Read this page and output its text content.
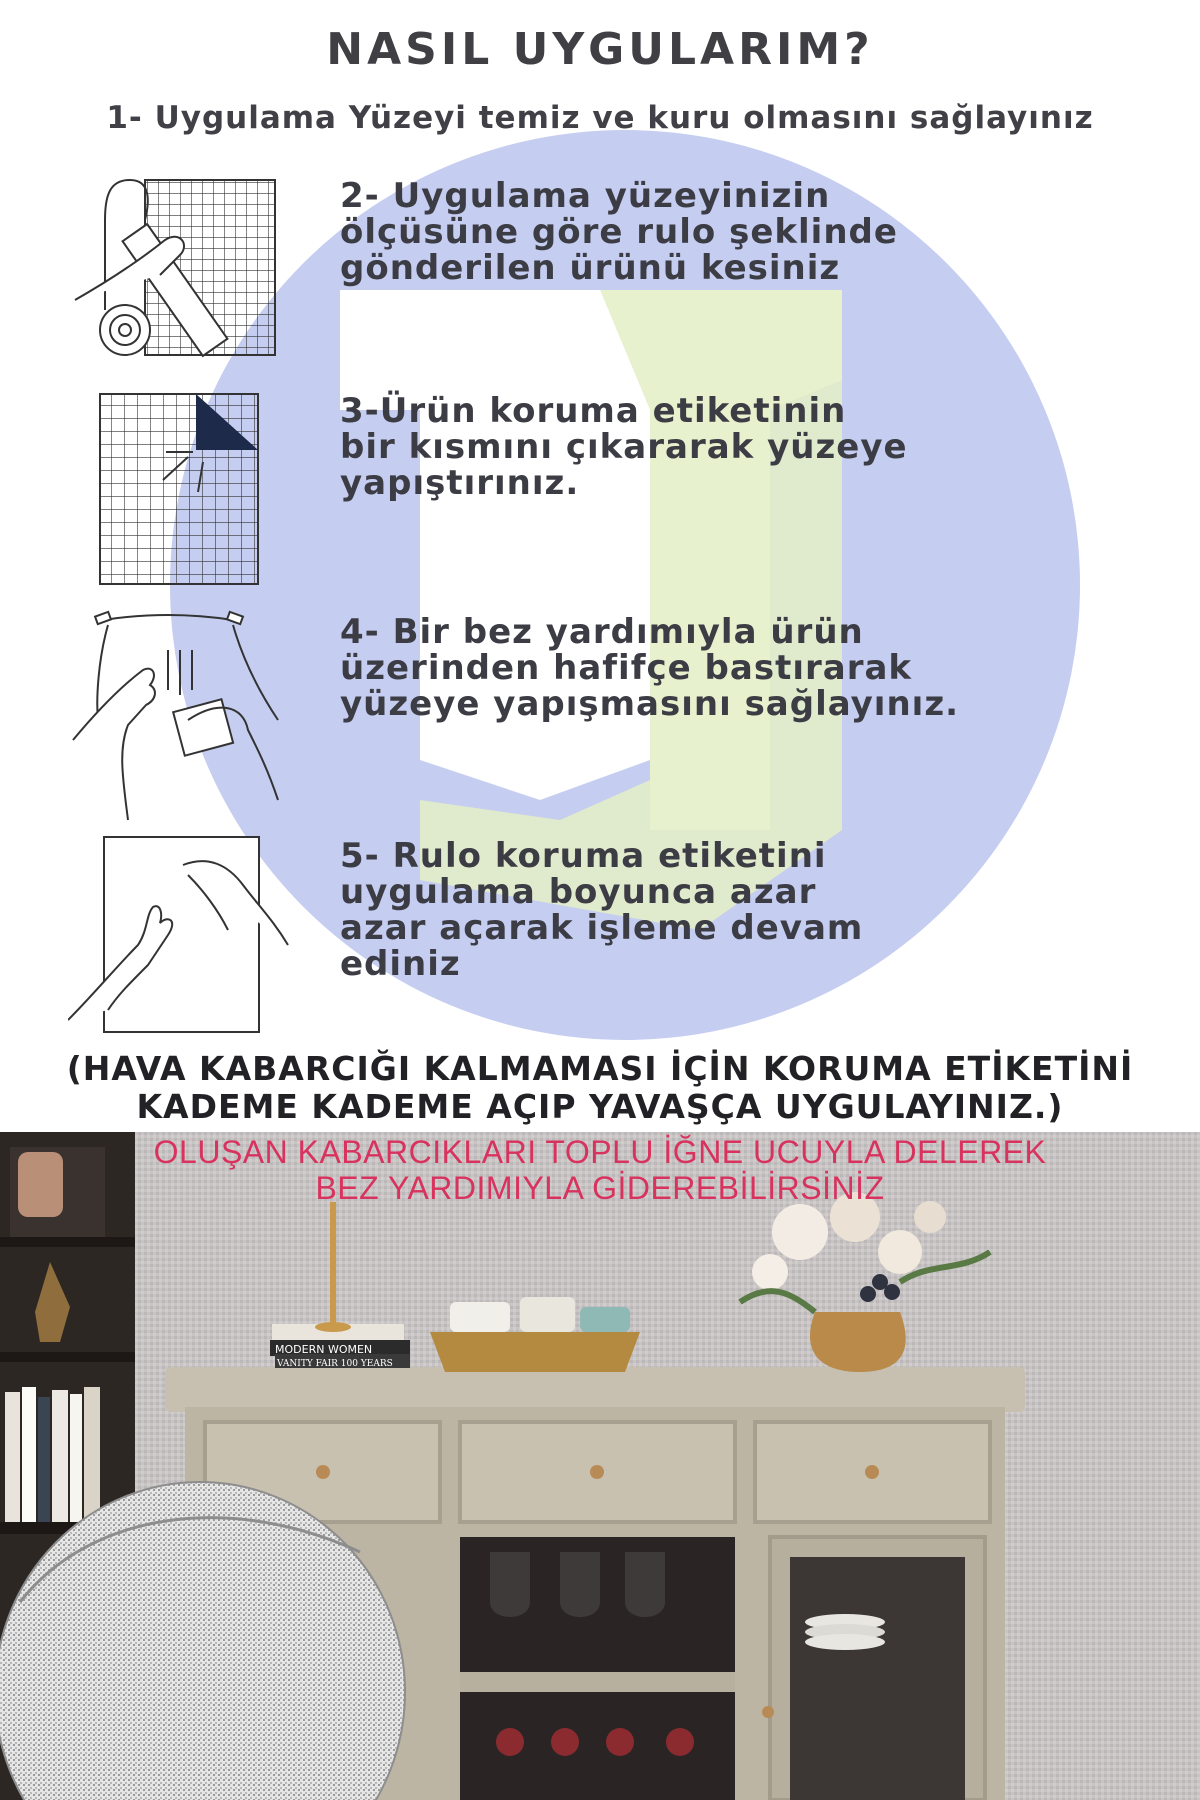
NASIL UYGULARIM?

1- Uygulama Yüzeyi temiz ve kuru olmasını sağlayınız

2- Uygulama yüzeyinizin
ölçüsüne göre rulo şeklinde
gönderilen ürünü kesiniz

3-Ürün koruma etiketinin
bir kısmını çıkararak yüzeye
yapıştırınız.

4- Bir bez yardımıyla ürün
üzerinden hafifçe bastırarak
yüzeye yapışmasını sağlayınız.

5- Rulo koruma etiketini
uygulama boyunca azar
azar açarak işleme devam
ediniz

(HAVA KABARCIĞI KALMAMASI İÇİN KORUMA ETİKETİNİ
KADEME KADEME AÇIP YAVAŞÇA UYGULAYINIZ.)

MODERN WOMEN
VANITY FAIR 100 YEARS

OLUŞAN KABARCIKLARI TOPLU İĞNE UCUYLA DELEREK
BEZ YARDIMIYLA GİDEREBİLİRSİNİZ
